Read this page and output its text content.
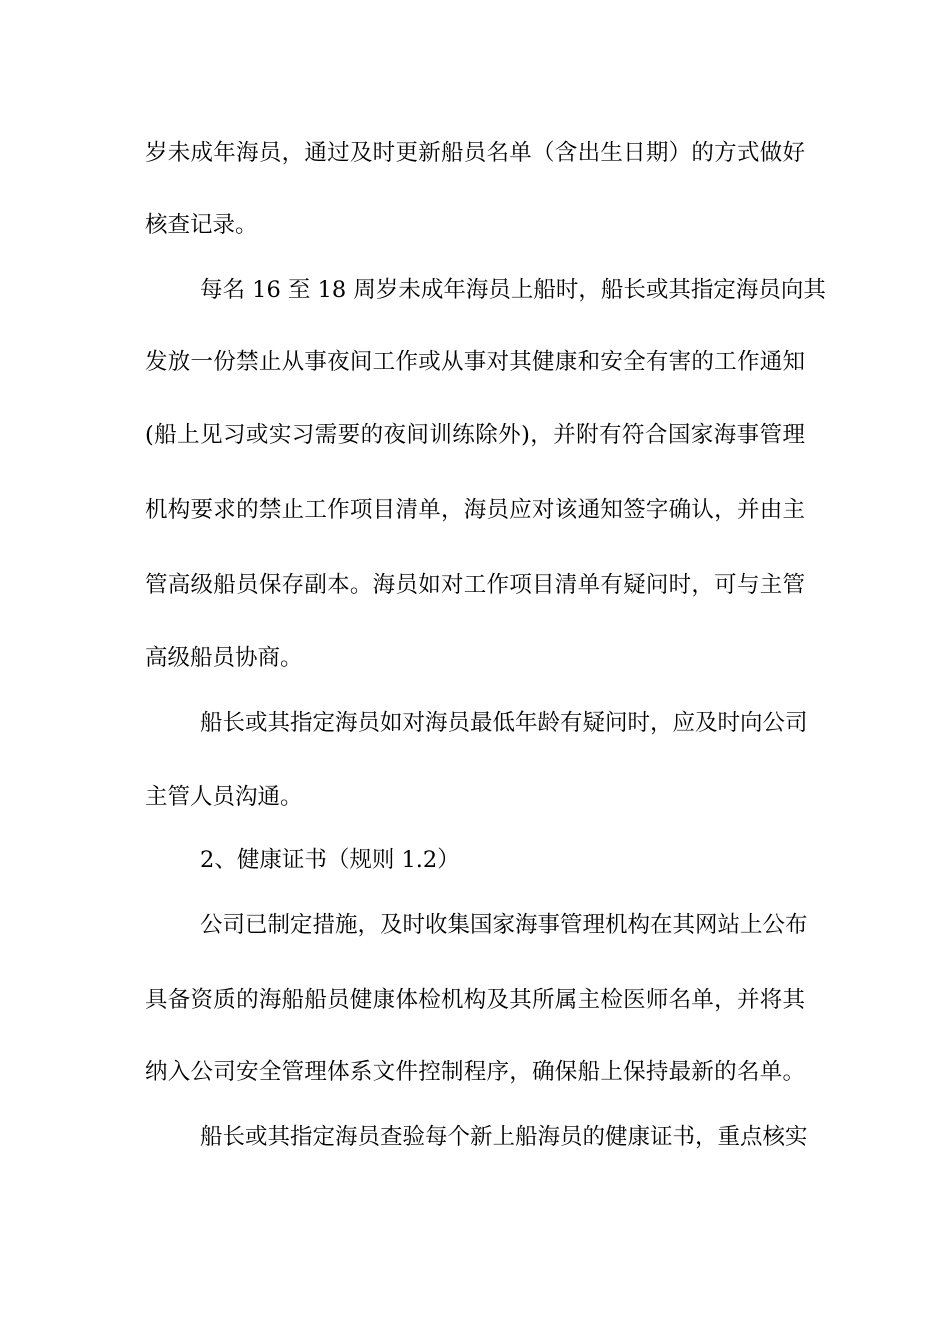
岁未成年海员，通过及时更新船员名单（含出生日期）的方式做好
核查记录。
每名 16 至 18 周岁未成年海员上船时，船长或其指定海员向其
发放一份禁止从事夜间工作或从事对其健康和安全有害的工作通知
(船上见习或实习需要的夜间训练除外)，并附有符合国家海事管理
机构要求的禁止工作项目清单，海员应对该通知签字确认，并由主
管高级船员保存副本。海员如对工作项目清单有疑问时，可与主管
高级船员协商。
船长或其指定海员如对海员最低年龄有疑问时，应及时向公司
主管人员沟通。
2、健康证书（规则 1.2）
公司已制定措施，及时收集国家海事管理机构在其网站上公布
具备资质的海船船员健康体检机构及其所属主检医师名单，并将其
纳入公司安全管理体系文件控制程序，确保船上保持最新的名单。
船长或其指定海员查验每个新上船海员的健康证书，重点核实
